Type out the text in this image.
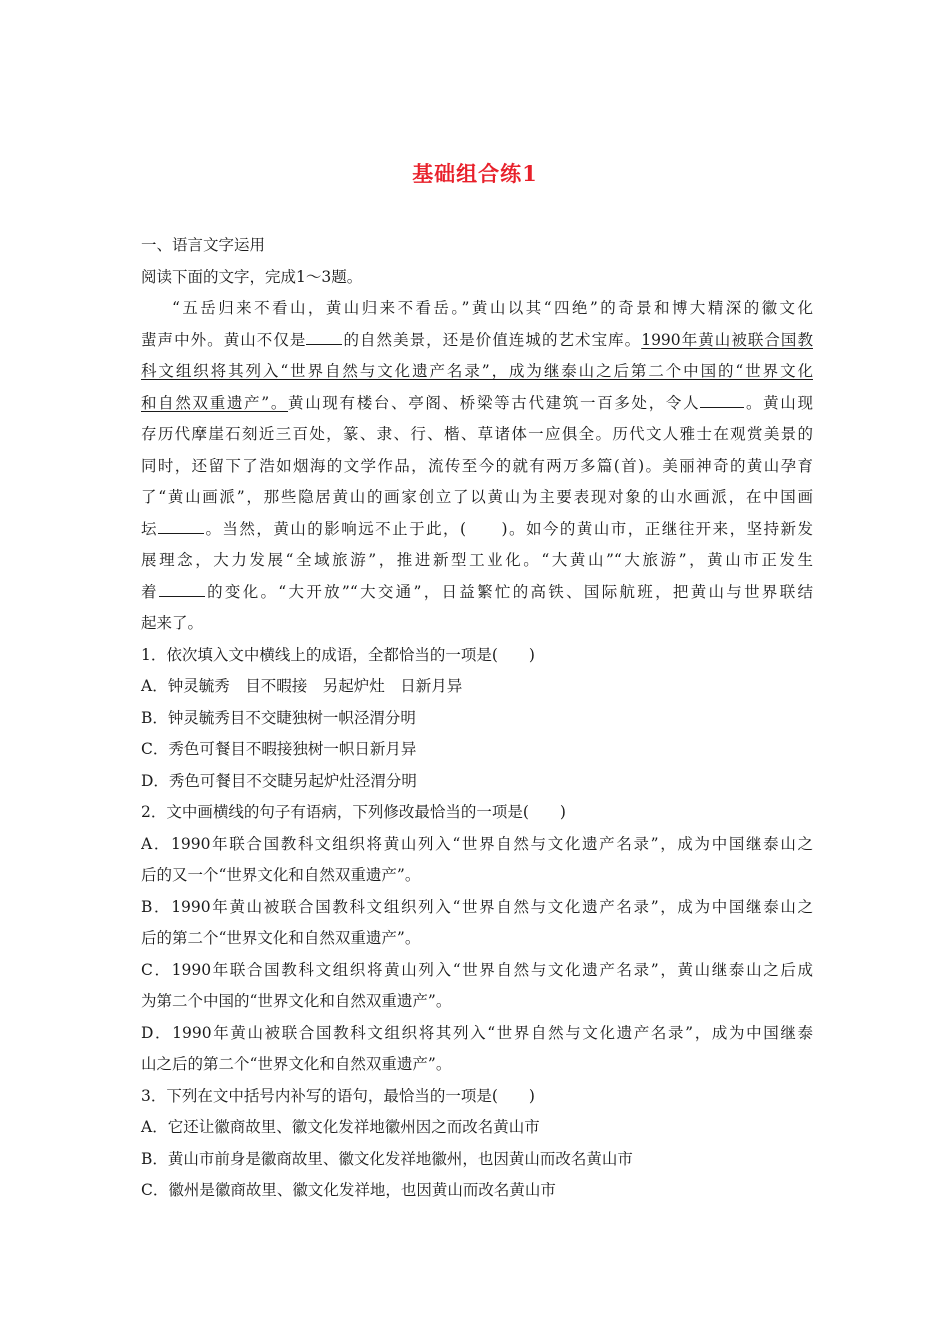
基础组合练1
一、语言文字运用
阅读下面的文字，完成1～3题。
“五岳归来不看山，黄山归来不看岳。”黄山以其“四绝”的奇景和博大精深的徽文化
蜚声中外。黄山不仅是 的自然美景，还是价值连城的艺术宝库。1990年黄山被联合国教
科文组织将其列入“世界自然与文化遗产名录”，成为继泰山之后第二个中国的“世界文化
和自然双重遗产”。黄山现有楼台、亭阁、桥梁等古代建筑一百多处，令人	。黄山现
存历代摩崖石刻近三百处，篆、隶、行、楷、草诸体一应俱全。历代文人雅士在观赏美景的
同时，还留下了浩如烟海的文学作品，流传至今的就有两万多篇(首)。美丽神奇的黄山孕育
了“黄山画派”，那些隐居黄山的画家创立了以黄山为主要表现对象的山水画派，在中国画
坛	。当然，黄山的影响远不止于此，(　　)。如今的黄山市，正继往开来，坚持新发
展理念，大力发展“全域旅游”，推进新型工业化。“大黄山”“大旅游”，黄山市正发生
着	的变化。“大开放”“大交通”，日益繁忙的高铁、国际航班，把黄山与世界联结
起来了。
1．依次填入文中横线上的成语，全都恰当的一项是(　　)
A．钟灵毓秀　目不暇接　另起炉灶　日新月异
B．钟灵毓秀目不交睫独树一帜泾渭分明
C．秀色可餐目不暇接独树一帜日新月异
D．秀色可餐目不交睫另起炉灶泾渭分明
2．文中画横线的句子有语病，下列修改最恰当的一项是(　　)
A．1990年联合国教科文组织将黄山列入“世界自然与文化遗产名录”，成为中国继泰山之
后的又一个“世界文化和自然双重遗产”。
B．1990年黄山被联合国教科文组织列入“世界自然与文化遗产名录”，成为中国继泰山之
后的第二个“世界文化和自然双重遗产”。
C．1990年联合国教科文组织将黄山列入“世界自然与文化遗产名录”，黄山继泰山之后成
为第二个中国的“世界文化和自然双重遗产”。
D．1990年黄山被联合国教科文组织将其列入“世界自然与文化遗产名录”，成为中国继泰
山之后的第二个“世界文化和自然双重遗产”。
3．下列在文中括号内补写的语句，最恰当的一项是(　　)
A．它还让徽商故里、徽文化发祥地徽州因之而改名黄山市
B．黄山市前身是徽商故里、徽文化发祥地徽州，也因黄山而改名黄山市
C．徽州是徽商故里、徽文化发祥地，也因黄山而改名黄山市
